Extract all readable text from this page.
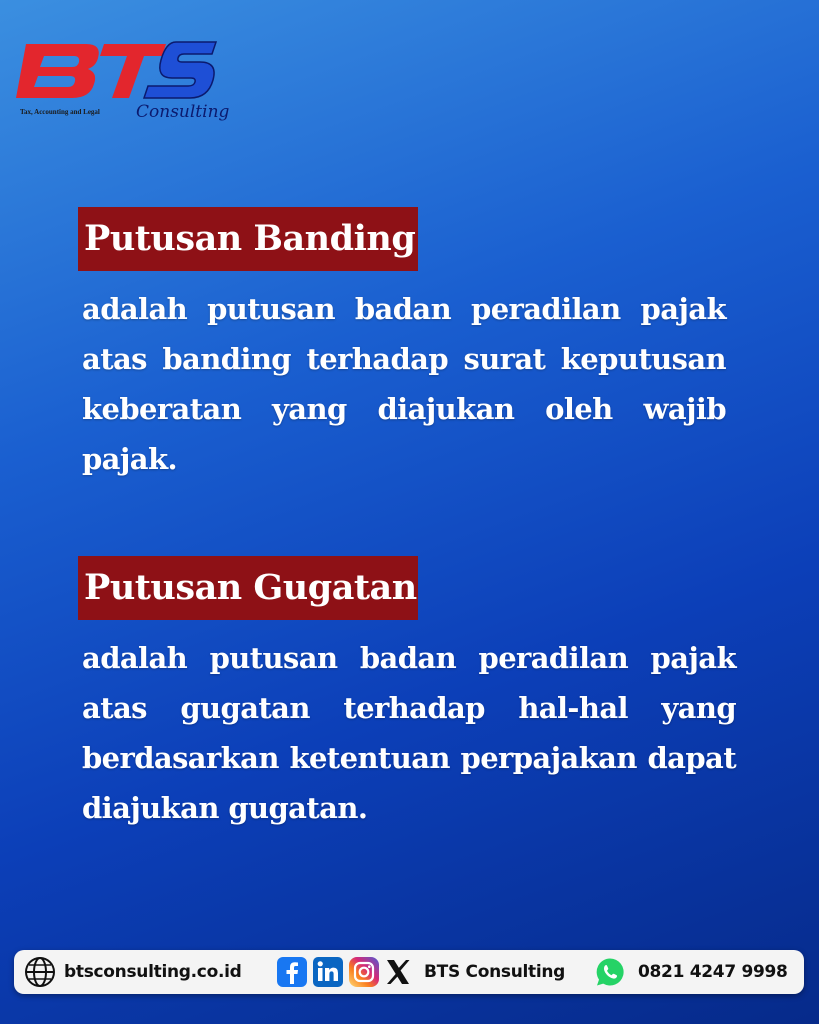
Tax, Accounting and Legal Consulting
Putusan Banding
adalah putusan badan peradilan pajak atas banding terhadap surat keputusan keberatan yang diajukan oleh wajib pajak.
Putusan Gugatan
adalah putusan badan peradilan pajak atas gugatan terhadap hal-hal yang berdasarkan ketentuan perpajakan dapat diajukan gugatan.
btsconsulting.co.id	BTS Consulting	0821 4247 9998
